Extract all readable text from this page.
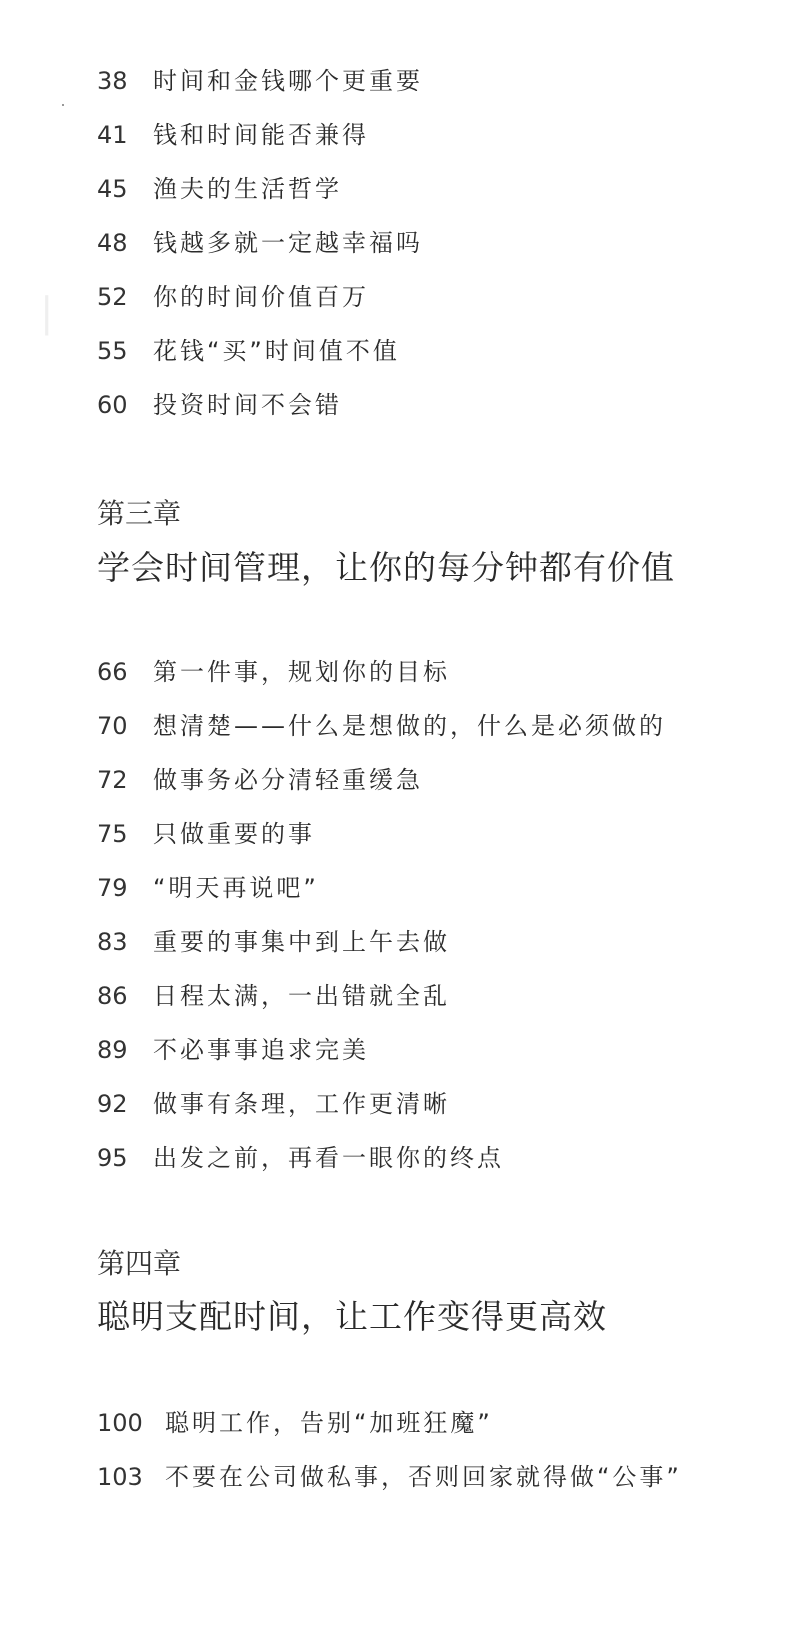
|
38	时间和金钱哪个更重要
41	钱和时间能否兼得
45	渔夫的生活哲学
48	钱越多就一定越幸福吗
52	你的时间价值百万
55	花钱“买”时间值不值
60	投资时间不会错
第三章
学会时间管理，让你的每分钟都有价值
66	第一件事，规划你的目标
70	想清楚——什么是想做的，什么是必须做的
72	做事务必分清轻重缓急
75	只做重要的事
79	“明天再说吧”
83	重要的事集中到上午去做
86	日程太满，一出错就全乱
89	不必事事追求完美
92	做事有条理，工作更清晰
95	出发之前，再看一眼你的终点
第四章
聪明支配时间，让工作变得更高效
100 聪明工作，告别“加班狂魔”
103 不要在公司做私事，否则回家就得做“公事”
